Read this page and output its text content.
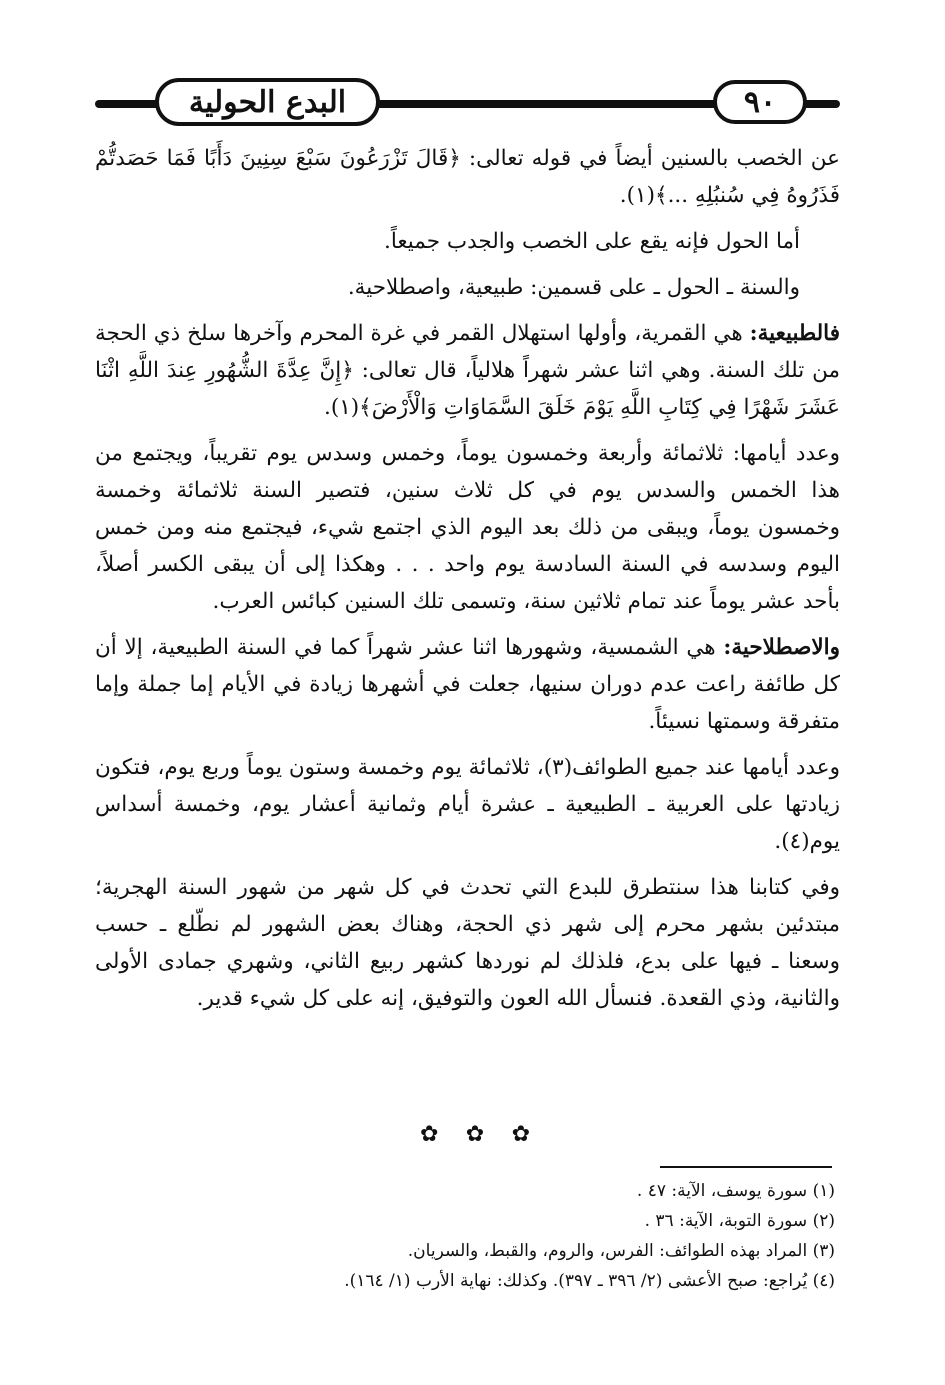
البدع الحولية	٩٠

عن الخصب بالسنين أيضاً في قوله تعالى: ﴿قَالَ تَزْرَعُونَ سَبْعَ سِنِينَ دَأَبًا فَمَا حَصَدتُّمْ فَذَرُوهُ فِي سُنبُلِهِ ...﴾(١).

أما الحول فإنه يقع على الخصب والجدب جميعاً.

والسنة ـ الحول ـ على قسمين: طبيعية، واصطلاحية.

فالطبيعية: هي القمرية، وأولها استهلال القمر في غرة المحرم وآخرها سلخ ذي الحجة من تلك السنة. وهي اثنا عشر شهراً هلالياً، قال تعالى: ﴿إِنَّ عِدَّةَ الشُّهُورِ عِندَ اللَّهِ اثْنَا عَشَرَ شَهْرًا فِي كِتَابِ اللَّهِ يَوْمَ خَلَقَ السَّمَاوَاتِ وَالْأَرْضَ﴾(١).

وعدد أيامها: ثلاثمائة وأربعة وخمسون يوماً، وخمس وسدس يوم تقريباً، ويجتمع من هذا الخمس والسدس يوم في كل ثلاث سنين، فتصير السنة ثلاثمائة وخمسة وخمسون يوماً، ويبقى من ذلك بعد اليوم الذي اجتمع شيء، فيجتمع منه ومن خمس اليوم وسدسه في السنة السادسة يوم واحد . . . وهكذا إلى أن يبقى الكسر أصلاً، بأحد عشر يوماً عند تمام ثلاثين سنة، وتسمى تلك السنين كبائس العرب.

والاصطلاحية: هي الشمسية، وشهورها اثنا عشر شهراً كما في السنة الطبيعية، إلا أن كل طائفة راعت عدم دوران سنيها، جعلت في أشهرها زيادة في الأيام إما جملة وإما متفرقة وسمتها نسيئاً.

وعدد أيامها عند جميع الطوائف(٣)، ثلاثمائة يوم وخمسة وستون يوماً وربع يوم، فتكون زيادتها على العربية ـ الطبيعية ـ عشرة أيام وثمانية أعشار يوم، وخمسة أسداس يوم(٤).

وفي كتابنا هذا سنتطرق للبدع التي تحدث في كل شهر من شهور السنة الهجرية؛ مبتدئين بشهر محرم إلى شهر ذي الحجة، وهناك بعض الشهور لم نطّلع ـ حسب وسعنا ـ فيها على بدع، فلذلك لم نوردها كشهر ربيع الثاني، وشهري جمادى الأولى والثانية، وذي القعدة. فنسأل الله العون والتوفيق، إنه على كل شيء قدير.

✿ ✿ ✿
(١) سورة يوسف، الآية: ٤٧ .
(٢) سورة التوبة، الآية: ٣٦ .
(٣) المراد بهذه الطوائف: الفرس، والروم، والقبط، والسريان.
(٤) يُراجع: صبح الأعشى (٢/ ٣٩٦ ـ ٣٩٧). وكذلك: نهاية الأرب (١/ ١٦٤).
